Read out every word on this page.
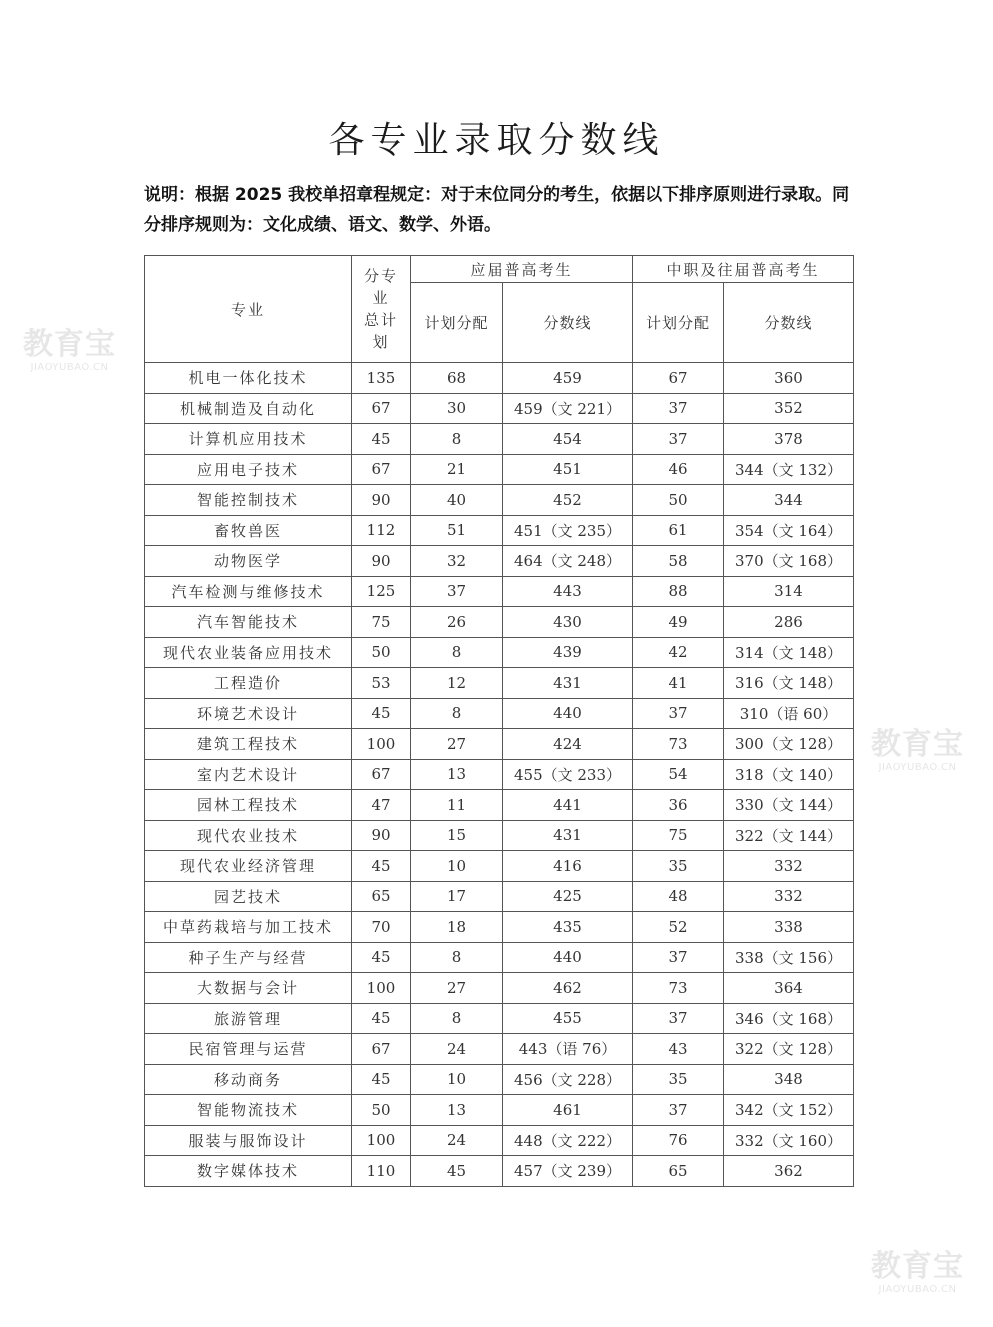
各专业录取分数线
说明：根据 2025 我校单招章程规定：对于末位同分的考生，依据以下排序原则进行录取。同分排序规则为：文化成绩、语文、数学、外语。
专业	分专
业
总计
划	应届普高考生		中职及往届普高考生	
		计划分配	分数线	计划分配	分数线
机电一体化技术	135	68	459	67	360
机械制造及自动化	67	30	459（文 221）	37	352
计算机应用技术	45	8	454	37	378
应用电子技术	67	21	451	46	344（文 132）
智能控制技术	90	40	452	50	344
畜牧兽医	112	51	451（文 235）	61	354（文 164）
动物医学	90	32	464（文 248）	58	370（文 168）
汽车检测与维修技术	125	37	443	88	314
汽车智能技术	75	26	430	49	286
现代农业装备应用技术	50	8	439	42	314（文 148）
工程造价	53	12	431	41	316（文 148）
环境艺术设计	45	8	440	37	310（语 60）
建筑工程技术	100	27	424	73	300（文 128）
室内艺术设计	67	13	455（文 233）	54	318（文 140）
园林工程技术	47	11	441	36	330（文 144）
现代农业技术	90	15	431	75	322（文 144）
现代农业经济管理	45	10	416	35	332
园艺技术	65	17	425	48	332
中草药栽培与加工技术	70	18	435	52	338
种子生产与经营	45	8	440	37	338（文 156）
大数据与会计	100	27	462	73	364
旅游管理	45	8	455	37	346（文 168）
民宿管理与运营	67	24	443（语 76）	43	322（文 128）
移动商务	45	10	456（文 228）	35	348
智能物流技术	50	13	461	37	342（文 152）
服装与服饰设计	100	24	448（文 222）	76	332（文 160）
数字媒体技术	110	45	457（文 239）	65	362
教育宝
JIAOYUBAO.CN
教育宝
JIAOYUBAO.CN
教育宝
JIAOYUBAO.CN
